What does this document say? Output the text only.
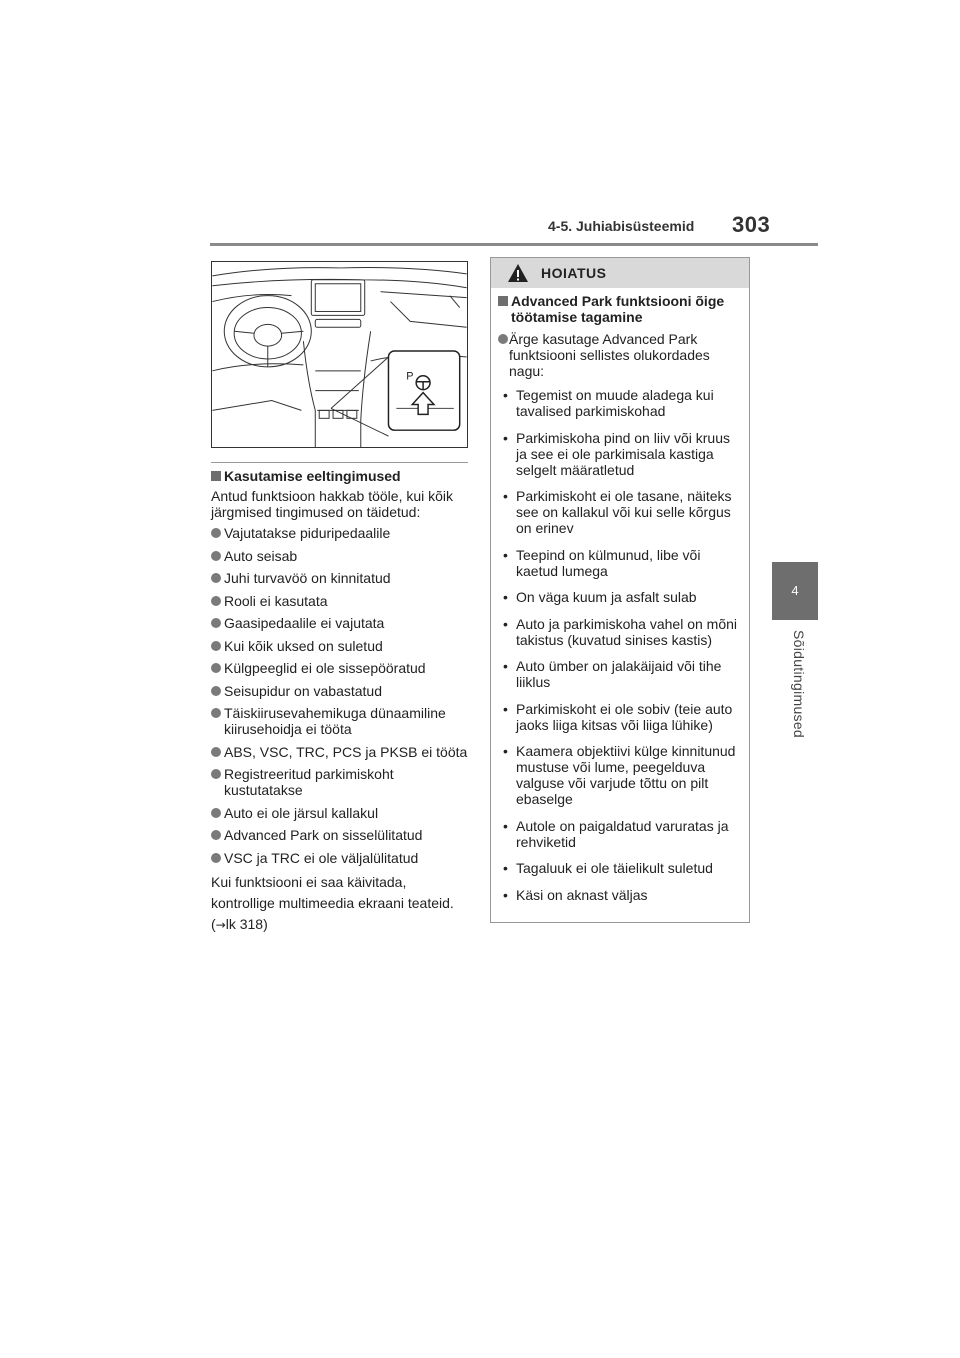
4-5. Juhiabisüsteemid 303
4
Sõidutingimused
P
Kasutamise eeltingimused

Antud funktsioon hakkab tööle, kui kõik järgmised tingimused on täidetud:

Vajutatakse piduripedaalile
Auto seisab
Juhi turvavöö on kinnitatud
Rooli ei kasutata
Gaasipedaalile ei vajutata
Kui kõik uksed on suletud
Külgpeeglid ei ole sissepööratud
Seisupidur on vabastatud
Täiskiirusevahemikuga dünaamiline kiirusehoidja ei tööta
ABS, VSC, TRC, PCS ja PKSB ei tööta
Registreeritud parkimiskoht kustutatakse
Auto ei ole järsul kallakul
Advanced Park on sisselülitatud
VSC ja TRC ei ole väljalülitatud

Kui funktsiooni ei saa käivitada,

kontrollige multimeedia ekraani teateid.

(→lk 318)

HOIATUS
Advanced Park funktsiooni õige töötamise tagamine
Ärge kasutage Advanced Park funktsiooni sellistes olukordades nagu:
• Tegemist on muude aladega kui tavalised parkimiskohad
• Parkimiskoha pind on liiv või kruus ja see ei ole parkimisala kastiga selgelt määratletud
• Parkimiskoht ei ole tasane, näiteks see on kallakul või kui selle kõrgus on erinev
• Teepind on külmunud, libe või kaetud lumega
• On väga kuum ja asfalt sulab
• Auto ja parkimiskoha vahel on mõni takistus (kuvatud sinises kastis)
• Auto ümber on jalakäijaid või tihe liiklus
• Parkimiskoht ei ole sobiv (teie auto jaoks liiga kitsas või liiga lühike)
• Kaamera objektiivi külge kinnitunud mustuse või lume, peegelduva valguse või varjude tõttu on pilt ebaselge
• Autole on paigaldatud varuratas ja rehviketid
• Tagaluuk ei ole täielikult suletud
• Käsi on aknast väljas
